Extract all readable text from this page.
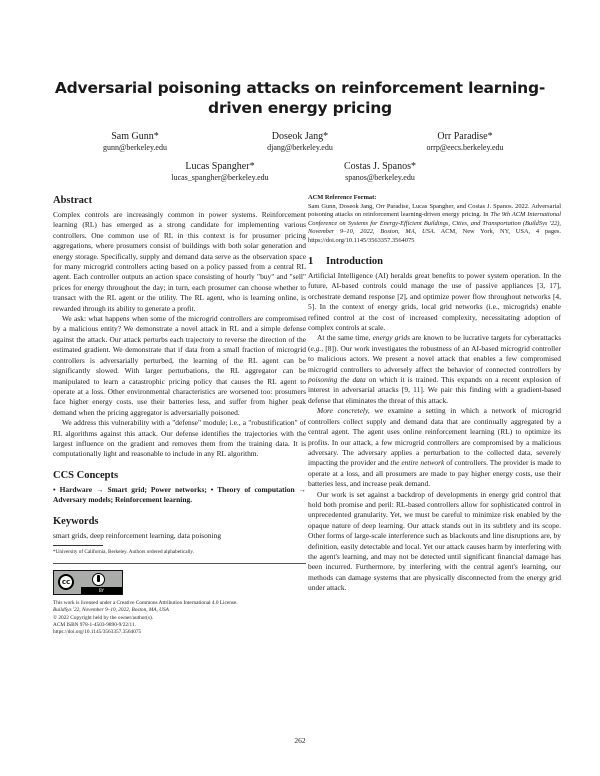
Adversarial poisoning attacks on reinforcement learning-driven energy pricing
Sam Gunn*
gunn@berkeley.edu
Doseok Jang*
djang@berkeley.edu
Orr Paradise*
orrp@eecs.berkeley.edu
Lucas Spangher*
lucas_spangher@berkeley.edu
Costas J. Spanos*
spanos@berkeley.edu
Abstract

Complex controls are increasingly common in power systems. Reinforcement learning (RL) has emerged as a strong candidate for implementing various controllers. One common use of RL in this context is for prosumer pricing aggregations, where prosumers consist of buildings with both solar generation and energy storage. Specifically, supply and demand data serve as the observation space for many microgrid controllers acting based on a policy passed from a central RL agent. Each controller outputs an action space consisting of hourly "buy" and "sell" prices for energy throughout the day; in turn, each prosumer can choose whether to transact with the RL agent or the utility. The RL agent, who is learning online, is rewarded through its ability to generate a profit.

We ask: what happens when some of the microgrid controllers are compromised by a malicious entity? We demonstrate a novel attack in RL and a simple defense against the attack. Our attack perturbs each trajectory to reverse the direction of the estimated gradient. We demonstrate that if data from a small fraction of microgrid controllers is adversarially perturbed, the learning of the RL agent can be significantly slowed. With larger perturbations, the RL aggregator can be manipulated to learn a catastrophic pricing policy that causes the RL agent to operate at a loss. Other environmental characteristics are worsened too: prosumers face higher energy costs, use their batteries less, and suffer from higher peak demand when the pricing aggregator is adversarially poisoned.

We address this vulnerability with a "defense" module; i.e., a "robustification" of RL algorithms against this attack. Our defense identifies the trajectories with the largest influence on the gradient and removes them from the training data. It is computationally light and reasonable to include in any RL algorithm.

CCS Concepts
• Hardware → Smart grid; Power networks; • Theory of computation → Adversary models; Reinforcement learning.
Keywords

smart grids, deep reinforcement learning, data poisoning

*University of California, Berkeley. Authors ordered alphabetically.
cc
BY
This work is licensed under a Creative Commons Attribution International 4.0 License.
BuildSys '22, November 9–10, 2022, Boston, MA, USA
© 2022 Copyright held by the owner/author(s).
ACM ISBN 978-1-4503-9890-9/22/11.
https://doi.org/10.1145/3563357.3564075
ACM Reference Format:
Sam Gunn, Doseok Jang, Orr Paradise, Lucas Spangher, and Costas J. Spanos. 2022. Adversarial poisoning attacks on reinforcement learning-driven energy pricing. In The 9th ACM International Conference on Systems for Energy-Efficient Buildings, Cities, and Transportation (BuildSys '22), November 9–10, 2022, Boston, MA, USA. ACM, New York, NY, USA, 4 pages. https://doi.org/10.1145/3563357.3564075
1 Introduction

Artificial Intelligence (AI) heralds great benefits to power system operation. In the future, AI-based controls could manage the use of passive appliances [3, 17], orchestrate demand response [2], and optimize power flow throughout networks [4, 5]. In the context of energy grids, local grid networks (i.e., microgrids) enable refined control at the cost of increased complexity, necessitating adoption of complex controls at scale.

At the same time, energy grids are known to be lucrative targets for cyberattacks (e.g., [8]). Our work investigates the robustness of an AI-based microgrid controller to malicious actors. We present a novel attack that enables a few compromised microgrid controllers to adversely affect the behavior of connected controllers by poisoning the data on which it is trained. This expands on a recent explosion of interest in adversarial attacks [9, 11]. We pair this finding with a gradient-based defense that eliminates the threat of this attack.

More concretely, we examine a setting in which a network of microgrid controllers collect supply and demand data that are continually aggregated by a central agent. The agent uses online reinforcement learning (RL) to optimize its profits. In our attack, a few microgrid controllers are compromised by a malicious adversary. The adversary applies a perturbation to the collected data, severely impacting the provider and the entire network of controllers. The provider is made to operate at a loss, and all prosumers are made to pay higher energy costs, use their batteries less, and increase peak demand.

Our work is set against a backdrop of developments in energy grid control that hold both promise and peril: RL-based controllers allow for sophisticated control in unprecedented granularity. Yet, we must be careful to minimize risk enabled by the opaque nature of deep learning. Our attack stands out in its subtlety and its scope. Other forms of large-scale interference such as blackouts and line disruptions are, by definition, easily detectable and local. Yet our attack causes harm by interfering with the agent's learning, and may not be detected until significant financial damage has been incurred. Furthermore, by interfering with the central agent's learning, our methods can damage systems that are physically disconnected from the energy grid under attack.

262
